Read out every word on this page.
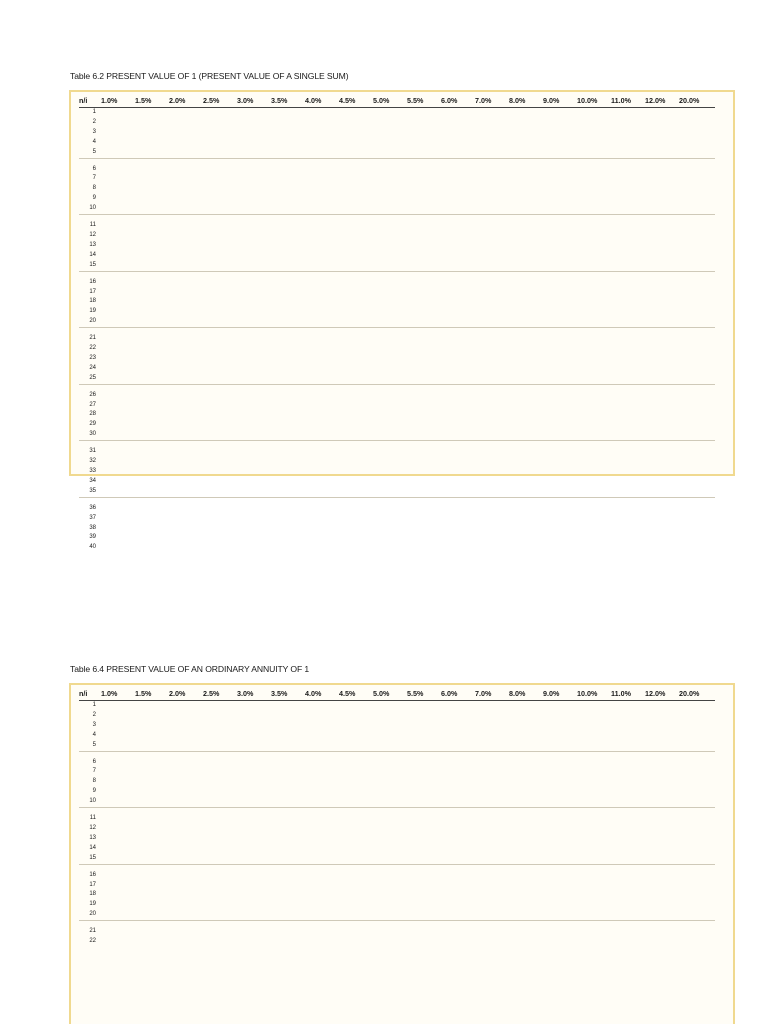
Table 6.2 PRESENT VALUE OF 1 (PRESENT VALUE OF A SINGLE SUM)
n/i	1.0%	1.5%	2.0%	2.5%	3.0%	3.5%	4.0%	4.5%	5.0%	5.5%	6.0%	7.0%	8.0%	9.0%	10.0%	11.0%	12.0%	20.0%
1																		
2																		
3																		
4																		
5																		

6																		
7																		
8																		
9																		
10																		

11																		
12																		
13																		
14																		
15																		

16																		
17																		
18																		
19																		
20																		

21																		
22																		
23																		
24																		
25																		

26																		
27																		
28																		
29																		
30																		

31																		
32																		
33																		
34																		
35																		

36																		
37																		
38																		
39																		
40																		
Table 6.4 PRESENT VALUE OF AN ORDINARY ANNUITY OF 1
n/i	1.0%	1.5%	2.0%	2.5%	3.0%	3.5%	4.0%	4.5%	5.0%	5.5%	6.0%	7.0%	8.0%	9.0%	10.0%	11.0%	12.0%	20.0%
1																		
2																		
3																		
4																		
5																		

6																		
7																		
8																		
9																		
10																		

11																		
12																		
13																		
14																		
15																		

16																		
17																		
18																		
19																		
20																		

21																		
22																		
